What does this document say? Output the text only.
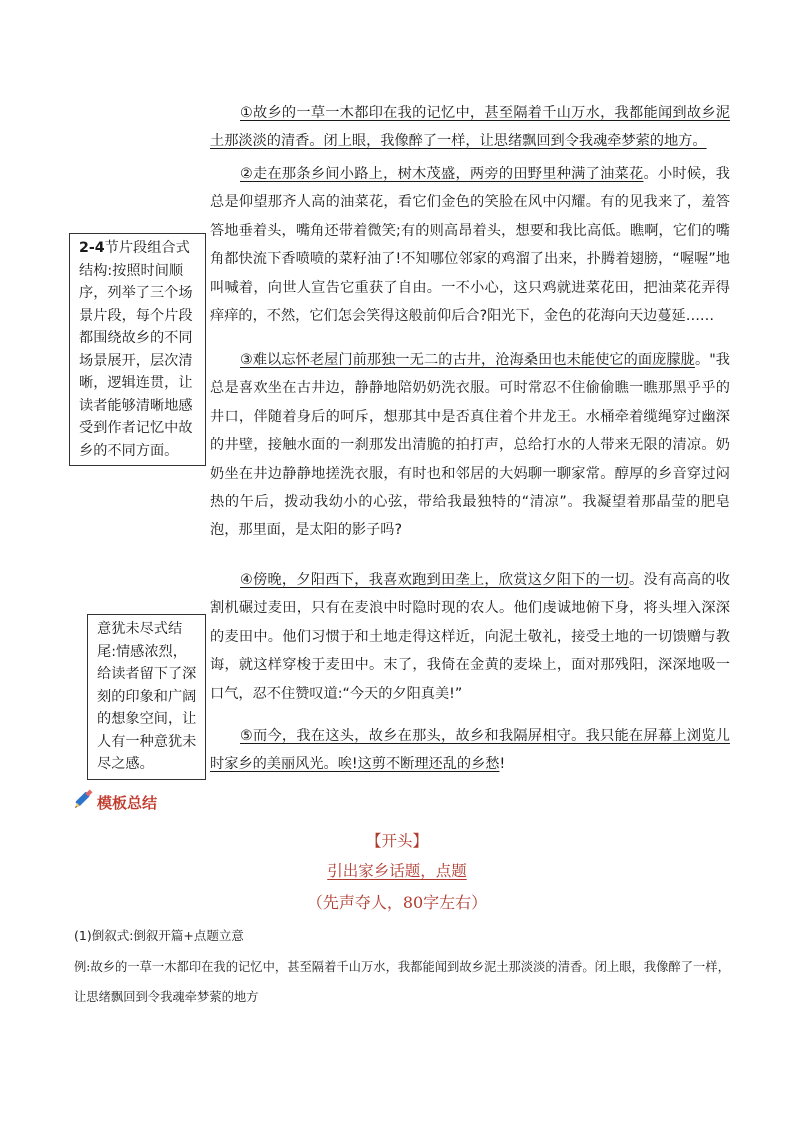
①故乡的一草一木都印在我的记忆中，甚至隔着千山万水，我都能闻到故乡泥土那淡淡的清香。闭上眼，我像醉了一样，让思绪飘回到令我魂牵梦萦的地方。

②走在那条乡间小路上，树木茂盛，两旁的田野里种满了油菜花。小时候，我总是仰望那齐人高的油菜花，看它们金色的笑脸在风中闪耀。有的见我来了，羞答答地垂着头，嘴角还带着微笑;有的则高昂着头，想要和我比高低。瞧啊，它们的嘴角都快流下香喷喷的菜籽油了!不知哪位邻家的鸡溜了出来，扑腾着翅膀，“喔喔”地叫喊着，向世人宣告它重获了自由。一不小心，这只鸡就进菜花田，把油菜花弄得痒痒的，不然，它们怎会笑得这般前仰后合?阳光下，金色的花海向天边蔓延……

③难以忘怀老屋门前那独一无二的古井，沧海桑田也未能使它的面庞朦胧。"我总是喜欢坐在古井边，静静地陪奶奶洗衣服。可时常忍不住偷偷瞧一瞧那黑乎乎的井口，伴随着身后的呵斥，想那其中是否真住着个井龙王。水桶牵着缆绳穿过幽深的井壁，接触水面的一刹那发出清脆的拍打声，总给打水的人带来无限的清凉。奶奶坐在井边静静地搓洗衣服，有时也和邻居的大妈聊一聊家常。醇厚的乡音穿过闷热的午后，拨动我幼小的心弦，带给我最独特的“清凉”。我凝望着那晶莹的肥皂泡，那里面，是太阳的影子吗?

④傍晚，夕阳西下，我喜欢跑到田垄上，欣赏这夕阳下的一切。没有高高的收割机碾过麦田，只有在麦浪中时隐时现的农人。他们虔诚地俯下身，将头埋入深深的麦田中。他们习惯于和土地走得这样近，向泥土敬礼，接受土地的一切馈赠与教诲，就这样穿梭于麦田中。末了，我倚在金黄的麦垛上，面对那残阳，深深地吸一口气，忍不住赞叹道:“今天的夕阳真美!”

⑤而今，我在这头，故乡在那头，故乡和我隔屏相守。我只能在屏幕上浏览儿时家乡的美丽风光。唉!这剪不断理还乱的乡愁!

2-4节片段组合式结构:按照时间顺序，列举了三个场景片段，每个片段都围绕故乡的不同场景展开，层次清晰，逻辑连贯，让读者能够清晰地感受到作者记忆中故乡的不同方面。
意犹未尽式结尾:情感浓烈，给读者留下了深刻的印象和广阔的想象空间，让人有一种意犹未尽之感。
模板总结
【开头】
引出家乡话题，点题
（先声夺人，80字左右）
(1)倒叙式:倒叙开篇+点题立意
例:故乡的一草一木都印在我的记忆中，甚至隔着千山万水，我都能闻到故乡泥土那淡淡的清香。闭上眼，我像醉了一样，让思绪飘回到令我魂牵梦萦的地方
